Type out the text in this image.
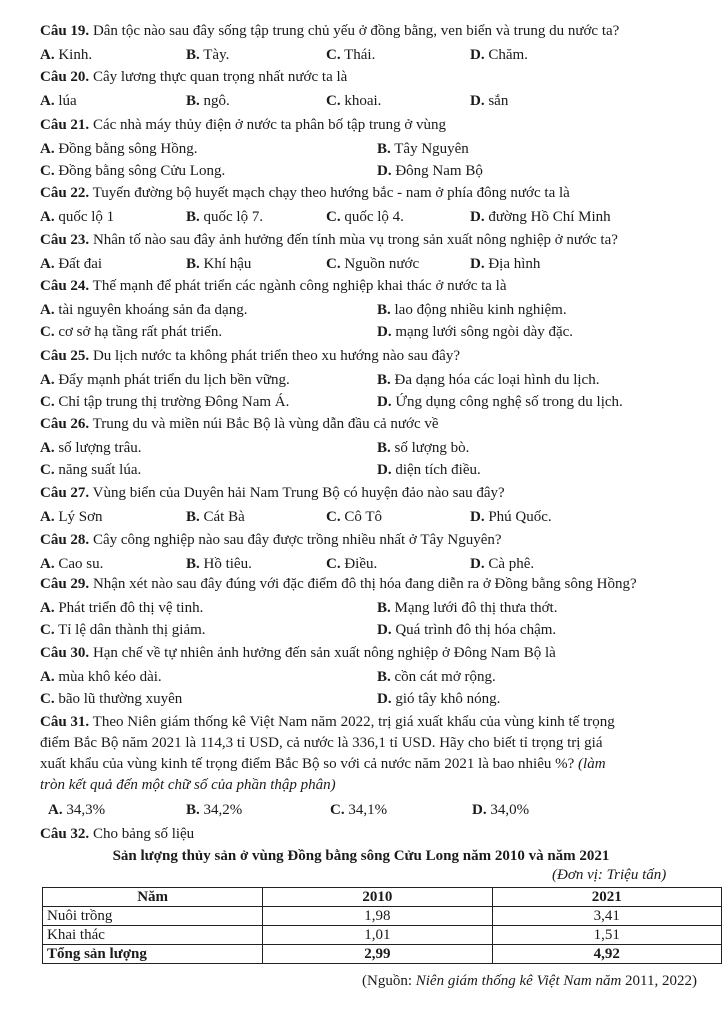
Câu 19. Dân tộc nào sau đây sống tập trung chủ yếu ở đồng bằng, ven biển và trung du nước ta?
A. Kinh.	B. Tày.	C. Thái.	D. Chăm.
Câu 20. Cây lương thực quan trọng nhất nước ta là
A. lúa	B. ngô.	C. khoai.	D. sắn
Câu 21. Các nhà máy thủy điện ở nước ta phân bố tập trung ở vùng
A. Đồng bằng sông Hồng.	B. Tây Nguyên
C. Đồng bằng sông Cửu Long.	D. Đông Nam Bộ
Câu 22. Tuyến đường bộ huyết mạch chạy theo hướng bắc - nam ở phía đông nước ta là
A. quốc lộ 1	B. quốc lộ 7.	C. quốc lộ 4.	D. đường Hồ Chí Minh
Câu 23. Nhân tố nào sau đây ảnh hưởng đến tính mùa vụ trong sản xuất nông nghiệp ở nước ta?
A. Đất đai	B. Khí hậu	C. Nguồn nước	D. Địa hình
Câu 24. Thế mạnh để phát triển các ngành công nghiệp khai thác ở nước ta là
A. tài nguyên khoáng sản đa dạng.	B. lao động nhiều kinh nghiệm.
C. cơ sở hạ tầng rất phát triển.	D. mạng lưới sông ngòi dày đặc.
Câu 25. Du lịch nước ta không phát triển theo xu hướng nào sau đây?
A. Đẩy mạnh phát triển du lịch bền vững.	B. Đa dạng hóa các loại hình du lịch.
C. Chỉ tập trung thị trường Đông Nam Á.	D. Ứng dụng công nghệ số trong du lịch.
Câu 26. Trung du và miền núi Bắc Bộ là vùng dẫn đầu cả nước về
A. số lượng trâu.	B. số lượng bò.
C. năng suất lúa.	D. diện tích điều.
Câu 27. Vùng biển của Duyên hải Nam Trung Bộ có huyện đảo nào sau đây?
A. Lý Sơn	B. Cát Bà	C. Cô Tô	D. Phú Quốc.
Câu 28. Cây công nghiệp nào sau đây được trồng nhiều nhất ở Tây Nguyên?
A. Cao su.	B. Hồ tiêu.	C. Điều.	D. Cà phê.
Câu 29. Nhận xét nào sau đây đúng với đặc điểm đô thị hóa đang diễn ra ở Đồng bằng sông Hồng?
A. Phát triển đô thị vệ tinh.	B. Mạng lưới đô thị thưa thớt.
C. Tỉ lệ dân thành thị giảm.	D. Quá trình đô thị hóa chậm.
Câu 30. Hạn chế về tự nhiên ảnh hưởng đến sản xuất nông nghiệp ở Đông Nam Bộ là
A. mùa khô kéo dài.	B. cồn cát mở rộng.
C. bão lũ thường xuyên	D. gió tây khô nóng.
Câu 31. Theo Niên giám thống kê Việt Nam năm 2022, trị giá xuất khẩu của vùng kinh tế trọng
điểm Bắc Bộ năm 2021 là 114,3 tỉ USD, cả nước là 336,1 tỉ USD. Hãy cho biết tỉ trọng trị giá
xuất khẩu của vùng kinh tế trọng điểm Bắc Bộ so với cả nước năm 2021 là bao nhiêu %? (làm
tròn kết quả đến một chữ số của phần thập phân)
A. 34,3%	B. 34,2%	C. 34,1%	D. 34,0%
Câu 32. Cho bảng số liệu
Sản lượng thủy sản ở vùng Đồng bằng sông Cửu Long năm 2010 và năm 2021
(Đơn vị: Triệu tấn)
Năm	2010	2021
Nuôi trồng	1,98	3,41
Khai thác	1,01	1,51
Tổng sản lượng	2,99	4,92
(Nguồn: Niên giám thống kê Việt Nam năm 2011, 2022)
